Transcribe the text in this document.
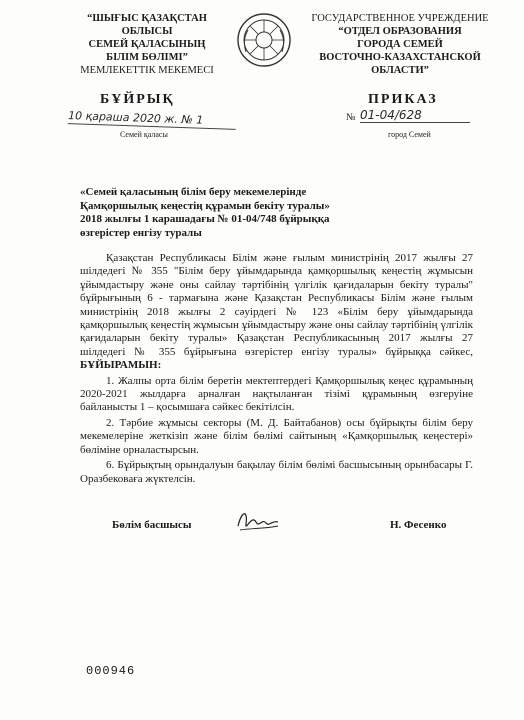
“ШЫҒЫС ҚАЗАҚСТАН
ОБЛЫСЫ
СЕМЕЙ ҚАЛАСЫНЫҢ
БІЛІМ БӨЛІМІ”
МЕМЛЕКЕТТІК МЕКЕМЕСІ
ГОСУДАРСТВЕННОЕ УЧРЕЖДЕНИЕ
“ОТДЕЛ ОБРАЗОВАНИЯ
ГОРОДА СЕМЕЙ
ВОСТОЧНО-КАЗАХСТАНСКОЙ
ОБЛАСТИ”
БҰЙРЫҚ	ПРИКАЗ
10 қараша 2020 ж. № 1	№ 01-04/628
Семей қаласы	город Семей
«Семей қаласының білім беру мекемелерінде
Қамқоршылық кеңестің құрамын бекіту туралы»
2018 жылғы 1 карашадағы № 01-04/748 бұйрыққа
өзгерістер енгізу туралы

Қазақстан Республикасы Білім және ғылым министрінің 2017 жылғы 27 шілдедегі № 355 "Білім беру ұйымдарында қамқоршылық кеңестің жұмысын ұйымдастыру және оны сайлау тәртібінің үлгілік қағидаларын бекіту туралы" бұйрығының 6 - тармағына және Қазақстан Республикасы Білім және ғылым министрінің 2018 жылғы 2 сәуірдегі № 123 «Білім беру ұйымдарында қамқоршылық кеңестің жұмысын ұйымдастыру және оны сайлау тәртібінің үлгілік қағидаларын бекіту туралы» Қазақстан Республикасының 2017 жылғы 27 шілдедегі № 355 бұйрығына өзгерістер енгізу туралы» бұйрыққа сәйкес, БҰЙЫРАМЫН:

1. Жалпы орта білім беретін мектептердегі Қамқоршылық кеңес құрамының 2020-2021 жылдарға арналған нақтыланған тізімі құрамының өзгеруіне байланысты 1 – қосымшаға сәйкес бекітілсін.

2. Тәрбие жұмысы секторы (М. Д. Байтабанов) осы бұйрықты білім беру мекемелеріне жеткізіп және білім бөлімі сайтының «Қамқоршылық кеңестері» бөліміне орналастырсын.

6. Бұйрықтың орындалуын бақылау білім бөлімі басшысының орынбасары Г. Оразбековаға жүктелсін.

Бөлім басшысы	Н. Фесенко
000946
